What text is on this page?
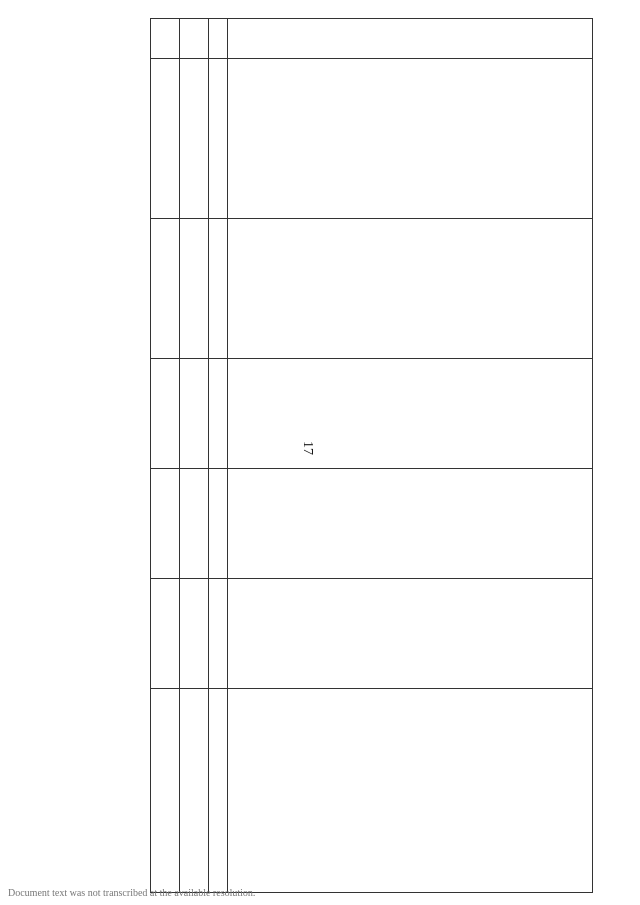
17

Document text was not transcribed at the available resolution.
